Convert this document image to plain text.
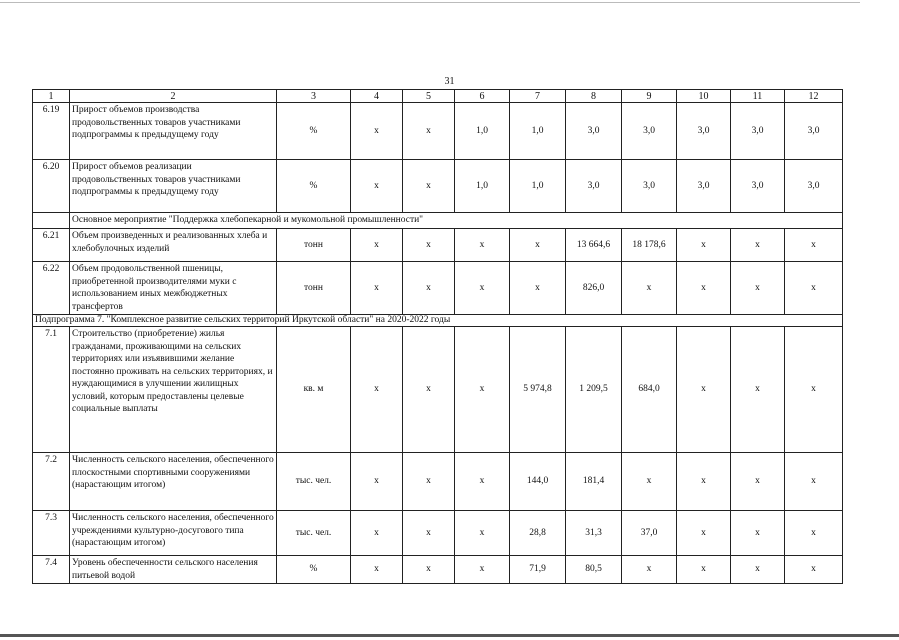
31
1	2	3	4	5	6	7	8	9	10	11	12
6.19	Прирост объемов производства продовольственных товаров участниками подпрограммы к предыдущему году	%	х	х	1,0	1,0	3,0	3,0	3,0	3,0	3,0
6.20	Прирост объемов реализации продовольственных товаров участниками подпрограммы к предыдущему году	%	х	х	1,0	1,0	3,0	3,0	3,0	3,0	3,0
	Основное мероприятие "Поддержка хлебопекарной и мукомольной промышленности"										
6.21	Объем произведенных и реализованных хлеба и хлебобулочных изделий	тонн	х	х	х	х	13 664,6	18 178,6	х	х	х
6.22	Объем продовольственной пшеницы, приобретенной производителями муки с использованием иных межбюджетных трансфертов	тонн	х	х	х	х	826,0	х	х	х	х
Подпрограмма 7. "Комплексное развитие сельских территорий Иркутской области" на 2020-2022 годы											
7.1	Строительство (приобретение) жилья гражданами, проживающими на сельских территориях или изъявившими желание постоянно проживать на сельских территориях, и нуждающимися в улучшении жилищных условий, которым предоставлены целевые социальные выплаты	кв. м	х	х	х	5 974,8	1 209,5	684,0	х	х	х
7.2	Численность сельского населения, обеспеченного плоскостными спортивными сооружениями (нарастающим итогом)	тыс. чел.	х	х	х	144,0	181,4	х	х	х	х
7.3	Численность сельского населения, обеспеченного учреждениями культурно-досугового типа (нарастающим итогом)	тыс. чел.	х	х	х	28,8	31,3	37,0	х	х	х
7.4	Уровень обеспеченности сельского населения питьевой водой	%	х	х	х	71,9	80,5	х	х	х	х
